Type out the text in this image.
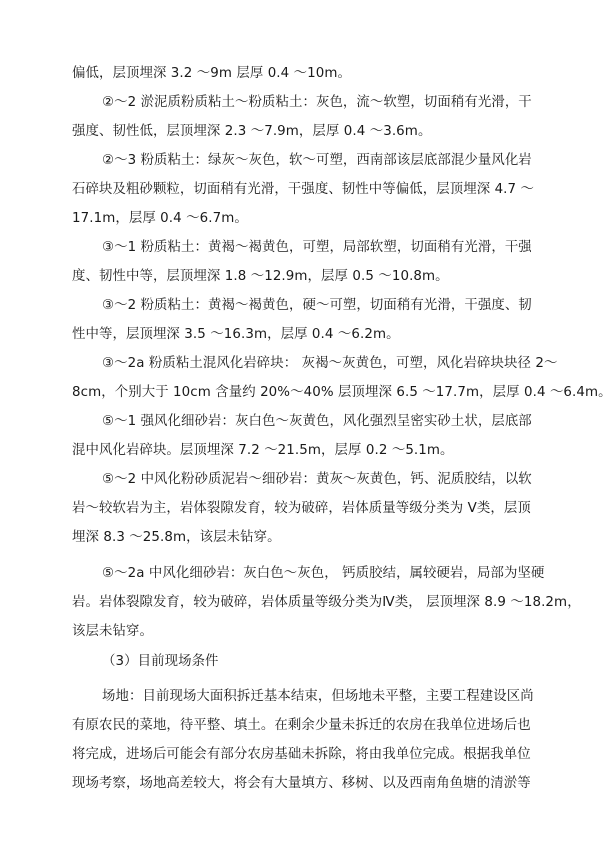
偏低，层顶埋深 3.2 ～9m 层厚 0.4 ～10m。
②～2 淤泥质粉质粘土～粉质粘土：灰色，流～软塑，切面稍有光滑，干
强度、韧性低，层顶埋深 2.3 ～7.9m，层厚 0.4 ～3.6m。
②～3 粉质粘土：绿灰～灰色，软～可塑，西南部该层底部混少量风化岩
石碎块及粗砂颗粒，切面稍有光滑，干强度、韧性中等偏低，层顶埋深 4.7 ～
17.1m，层厚 0.4 ～6.7m。
③～1 粉质粘土：黄褐～褐黄色，可塑，局部软塑，切面稍有光滑，干强
度、韧性中等，层顶埋深 1.8 ～12.9m，层厚 0.5 ～10.8m。
③～2 粉质粘土：黄褐～褐黄色，硬～可塑，切面稍有光滑，干强度、韧
性中等，层顶埋深 3.5 ～16.3m，层厚 0.4 ～6.2m。
③～2a 粉质粘土混风化岩碎块： 灰褐～灰黄色，可塑，风化岩碎块块径 2～
8cm，个别大于 10cm 含量约 20%～40% 层顶埋深 6.5 ～17.7m，层厚 0.4 ～6.4m。
⑤～1 强风化细砂岩：灰白色～灰黄色，风化强烈呈密实砂土状，层底部
混中风化岩碎块。层顶埋深 7.2 ～21.5m，层厚 0.2 ～5.1m。
⑤～2 中风化粉砂质泥岩～细砂岩：黄灰～灰黄色，钙、泥质胶结，以软
岩～较软岩为主，岩体裂隙发育，较为破碎，岩体质量等级分类为 Ⅴ类，层顶
埋深 8.3 ～25.8m，该层未钻穿。
⑤～2a 中风化细砂岩：灰白色～灰色， 钙质胶结，属较硬岩，局部为坚硬
岩。岩体裂隙发育，较为破碎，岩体质量等级分类为Ⅳ类， 层顶埋深 8.9 ～18.2m，
该层未钻穿。
（3）目前现场条件
场地：目前现场大面积拆迁基本结束，但场地未平整，主要工程建设区尚
有原农民的菜地，待平整、填土。在剩余少量未拆迁的农房在我单位进场后也
将完成，进场后可能会有部分农房基础未拆除，将由我单位完成。根据我单位
现场考察，场地高差较大，将会有大量填方、移树、以及西南角鱼塘的清淤等
